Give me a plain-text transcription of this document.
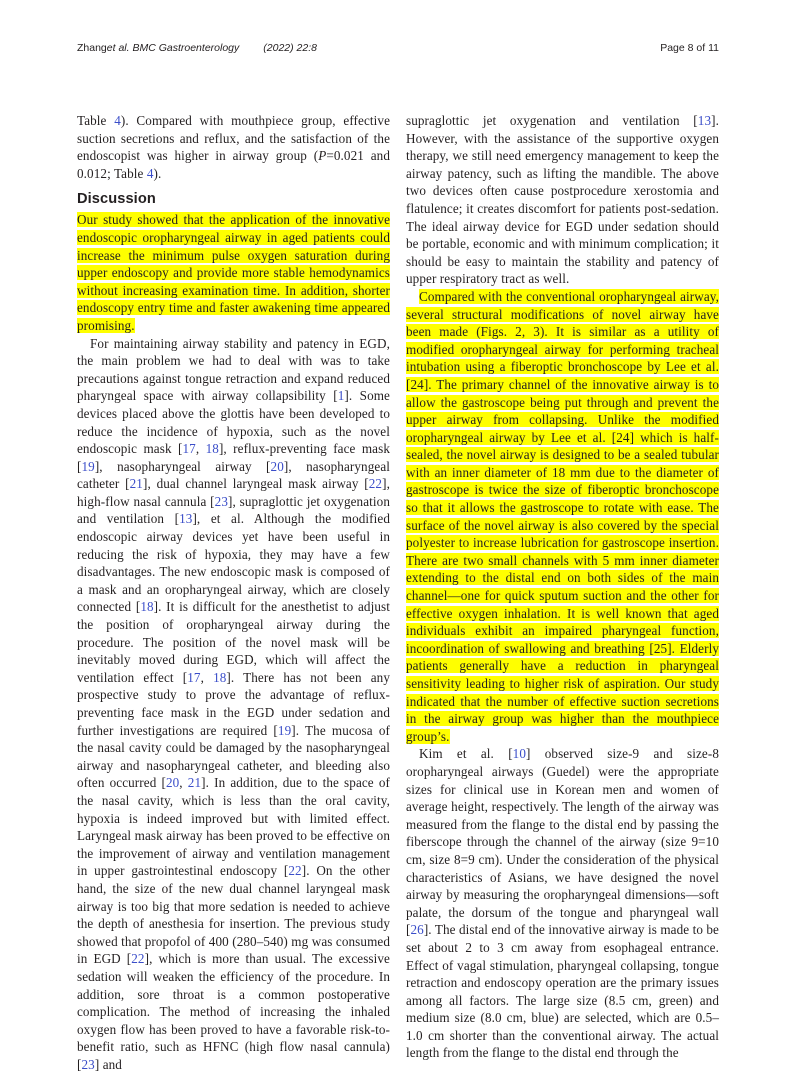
Zhang et al. BMC Gastroenterology (2022) 22:8	Page 8 of 11

Table 4). Compared with mouthpiece group, effective suction secretions and reflux, and the satisfaction of the endoscopist was higher in airway group (P=0.021 and 0.012; Table 4).

Discussion

Our study showed that the application of the innovative endoscopic oropharyngeal airway in aged patients could increase the minimum pulse oxygen saturation during upper endoscopy and provide more stable hemodynamics without increasing examination time. In addition, shorter endoscopy entry time and faster awakening time appeared promising.

For maintaining airway stability and patency in EGD, the main problem we had to deal with was to take precautions against tongue retraction and expand reduced pharyngeal space with airway collapsibility [1]. Some devices placed above the glottis have been developed to reduce the incidence of hypoxia, such as the novel endoscopic mask [17, 18], reflux-preventing face mask [19], nasopharyngeal airway [20], nasopharyngeal catheter [21], dual channel laryngeal mask airway [22], high-flow nasal cannula [23], supraglottic jet oxygenation and ventilation [13], et al. Although the modified endoscopic airway devices yet have been useful in reducing the risk of hypoxia, they may have a few disadvantages. The new endoscopic mask is composed of a mask and an oropharyngeal airway, which are closely connected [18]. It is difficult for the anesthetist to adjust the position of oropharyngeal airway during the procedure. The position of the novel mask will be inevitably moved during EGD, which will affect the ventilation effect [17, 18]. There has not been any prospective study to prove the advantage of reflux-preventing face mask in the EGD under sedation and further investigations are required [19]. The mucosa of the nasal cavity could be damaged by the nasopharyngeal airway and nasopharyngeal catheter, and bleeding also often occurred [20, 21]. In addition, due to the space of the nasal cavity, which is less than the oral cavity, hypoxia is indeed improved but with limited effect. Laryngeal mask airway has been proved to be effective on the improvement of airway and ventilation management in upper gastrointestinal endoscopy [22]. On the other hand, the size of the new dual channel laryngeal mask airway is too big that more sedation is needed to achieve the depth of anesthesia for insertion. The previous study showed that propofol of 400 (280–540) mg was consumed in EGD [22], which is more than usual. The excessive sedation will weaken the efficiency of the procedure. In addition, sore throat is a common postoperative complication. The method of increasing the inhaled oxygen flow has been proved to have a favorable risk-to-benefit ratio, such as HFNC (high flow nasal cannula) [23] and

supraglottic jet oxygenation and ventilation [13]. However, with the assistance of the supportive oxygen therapy, we still need emergency management to keep the airway patency, such as lifting the mandible. The above two devices often cause postprocedure xerostomia and flatulence; it creates discomfort for patients post-sedation. The ideal airway device for EGD under sedation should be portable, economic and with minimum complication; it should be easy to maintain the stability and patency of upper respiratory tract as well.

Compared with the conventional oropharyngeal airway, several structural modifications of novel airway have been made (Figs. 2, 3). It is similar as a utility of modified oropharyngeal airway for performing tracheal intubation using a fiberoptic bronchoscope by Lee et al. [24]. The primary channel of the innovative airway is to allow the gastroscope being put through and prevent the upper airway from collapsing. Unlike the modified oropharyngeal airway by Lee et al. [24] which is half-sealed, the novel airway is designed to be a sealed tubular with an inner diameter of 18 mm due to the diameter of gastroscope is twice the size of fiberoptic bronchoscope so that it allows the gastroscope to rotate with ease. The surface of the novel airway is also covered by the special polyester to increase lubrication for gastroscope insertion. There are two small channels with 5 mm inner diameter extending to the distal end on both sides of the main channel—one for quick sputum suction and the other for effective oxygen inhalation. It is well known that aged individuals exhibit an impaired pharyngeal function, incoordination of swallowing and breathing [25]. Elderly patients generally have a reduction in pharyngeal sensitivity leading to higher risk of aspiration. Our study indicated that the number of effective suction secretions in the airway group was higher than the mouthpiece group’s.

Kim et al. [10] observed size-9 and size-8 oropharyngeal airways (Guedel) were the appropriate sizes for clinical use in Korean men and women of average height, respectively. The length of the airway was measured from the flange to the distal end by passing the fiberscope through the channel of the airway (size 9=10 cm, size 8=9 cm). Under the consideration of the physical characteristics of Asians, we have designed the novel airway by measuring the oropharyngeal dimensions—soft palate, the dorsum of the tongue and pharyngeal wall [26]. The distal end of the innovative airway is made to be set about 2 to 3 cm away from esophageal entrance. Effect of vagal stimulation, pharyngeal collapsing, tongue retraction and endoscopy operation are the primary issues among all factors. The large size (8.5 cm, green) and medium size (8.0 cm, blue) are selected, which are 0.5–1.0 cm shorter than the conventional airway. The actual length from the flange to the distal end through the
